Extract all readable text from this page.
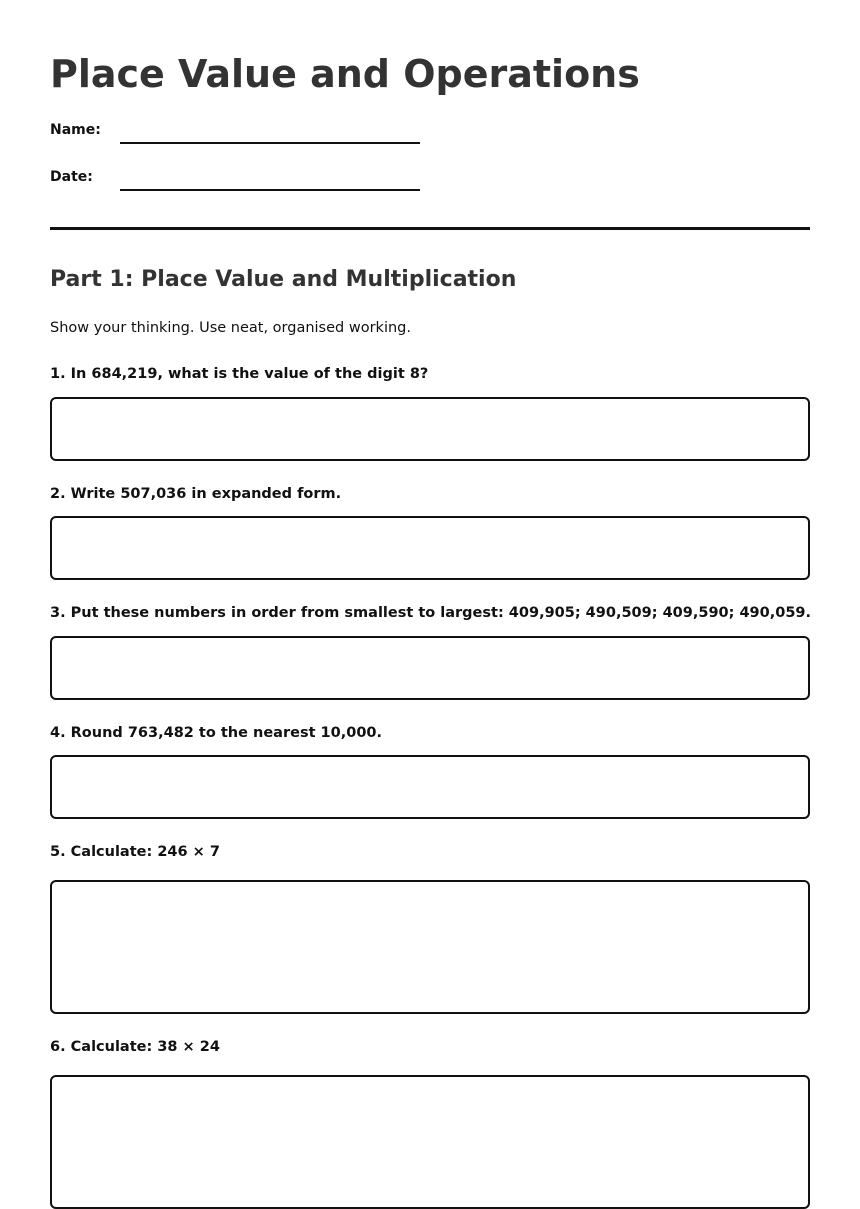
Place Value and Operations
Name:
Date:
Part 1: Place Value and Multiplication
Show your thinking. Use neat, organised working.
1. In 684,219, what is the value of the digit 8?
2. Write 507,036 in expanded form.
3. Put these numbers in order from smallest to largest: 409,905; 490,509; 409,590; 490,059.
4. Round 763,482 to the nearest 10,000.
5. Calculate: 246 × 7
6. Calculate: 38 × 24
